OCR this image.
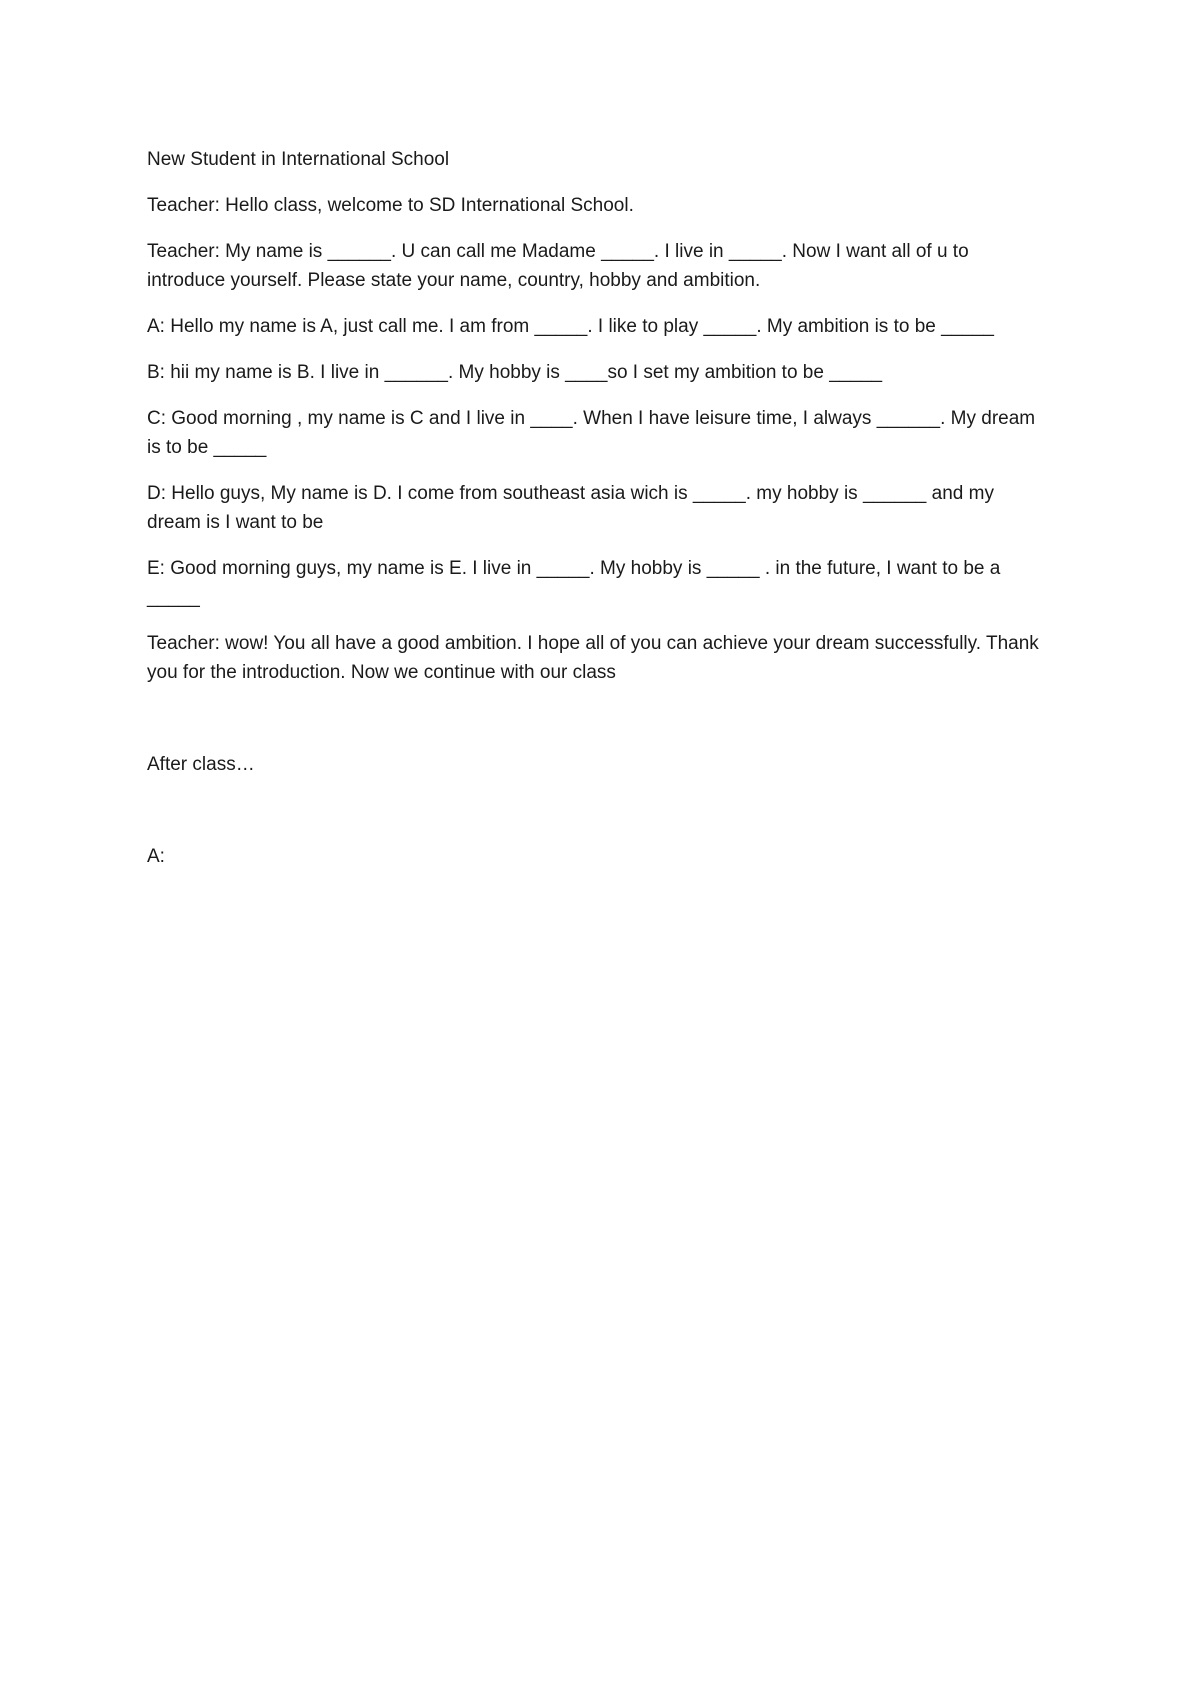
New Student in International School

Teacher: Hello class, welcome to SD International School.

Teacher: My name is ______. U can call me Madame _____. I live in _____. Now I want all of u to introduce yourself. Please state your name, country, hobby and ambition.

A: Hello my name is A, just call me. I am from _____. I like to play _____. My ambition is to be _____

B: hii my name is B. I live in ______. My hobby is ____so I set my ambition to be _____

C: Good morning , my name is C and I live in ____. When I have leisure time, I always ______. My dream is to be _____

D: Hello guys, My name is D. I come from southeast asia wich is _____. my hobby is ______ and my dream is I want to be

E: Good morning guys, my name is E. I live in _____. My hobby is _____ . in the future, I want to be a _____

Teacher: wow! You all have a good ambition. I hope all of you can achieve your dream successfully. Thank you for the introduction. Now we continue with our class

After class…

A:
